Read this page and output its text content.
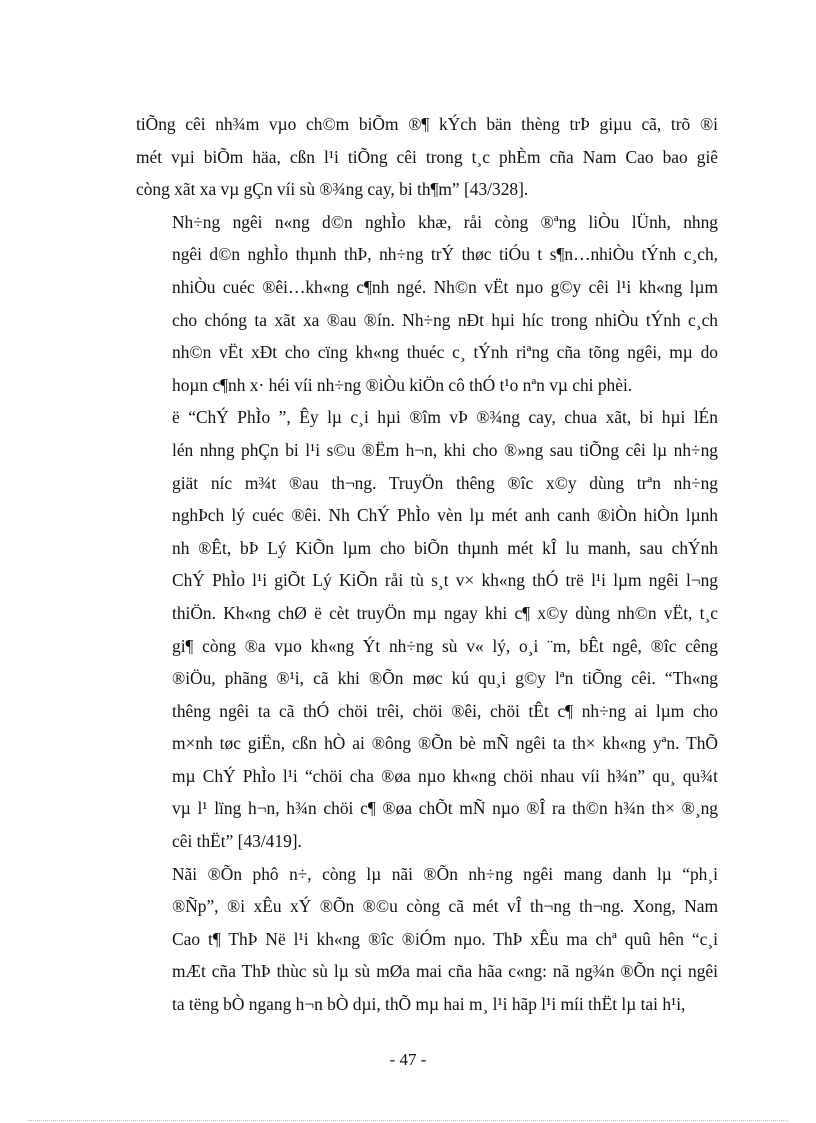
tiÕng cêi nh¾m vµo ch©m biÕm ®¶ kÝch bän thèng trÞ giµu cã, trõ ®i
mét vµi biÕm häa, cßn l¹i tiÕng cêi trong t¸c phÈm cña Nam Cao bao giê
còng xãt xa vµ gÇn víi sù ®¾ng cay, bi th¶m” [43/328].

Nh÷ng ngêi n«ng d©n nghÌo khæ, råi còng ®ªng liÒu lÜnh, nhng
ngêi d©n nghÌo thµnh thÞ, nh÷ng trÝ thøc tiÓu t s¶n…nhiÒu tÝnh c¸ch,
nhiÒu cuéc ®êi…kh«ng c¶nh ngé. Nh©n vËt nµo g©y cêi l¹i kh«ng lµm
cho chóng ta xãt xa ®au ®ín. Nh÷ng nÐt hµi híc trong nhiÒu tÝnh c¸ch
nh©n vËt xÐt cho cïng kh«ng thuéc c¸ tÝnh riªng cña tõng ngêi, mµ do
hoµn c¶nh x· héi víi nh÷ng ®iÒu kiÖn cô thÓ t¹o nªn vµ chi phèi.

ë “ChÝ PhÌo ”, Êy lµ c¸i hµi ®îm vÞ ®¾ng cay, chua xãt, bi hµi lÉn
lén nhng phÇn bi l¹i s©u ®Ëm h¬n, khi cho ®»ng sau tiÕng cêi lµ nh÷ng
giät níc m¾t ®au th¬ng. TruyÖn thêng ®îc x©y dùng trªn nh÷ng
nghÞch lý cuéc ®êi. Nh ChÝ PhÌo vèn lµ mét anh canh ®iÒn hiÒn lµnh
nh ®Êt, bÞ Lý KiÕn lµm cho biÕn thµnh mét kÎ lu manh, sau chÝnh
ChÝ PhÌo l¹i giÕt Lý KiÕn råi tù s¸t v× kh«ng thÓ trë l¹i lµm ngêi l¬ng
thiÖn. Kh«ng chØ ë cèt truyÖn mµ ngay khi c¶ x©y dùng nh©n vËt, t¸c
gi¶ còng ®a vµo kh«ng Ýt nh÷ng sù v« lý, o¸i ¨m, bÊt ngê, ®îc cêng
®iÖu, phãng ®¹i, cã khi ®Õn møc kú qu¸i g©y lªn tiÕng cêi. “Th«ng
thêng ngêi ta cã thÓ chöi trêi, chöi ®êi, chöi tÊt c¶ nh÷ng ai lµm cho
m×nh tøc giËn, cßn hÒ ai ®ông ®Õn bè mÑ ngêi ta th× kh«ng yªn. ThÕ
mµ ChÝ PhÌo l¹i “chöi cha ®øa nµo kh«ng chöi nhau víi h¾n” qu¸ qu¾t
vµ l¹ lïng h¬n, h¾n chöi c¶ ®øa chÕt mÑ nµo ®Î ra th©n h¾n th× ®¸ng
cêi thËt” [43/419].

Nãi ®Õn phô n÷, còng lµ nãi ®Õn nh÷ng ngêi mang danh lµ “ph¸i
®Ñp”, ®i xÊu xÝ ®Õn ®©u còng cã mét vÎ th¬ng th¬ng. Xong, Nam
Cao t¶ ThÞ Në l¹i kh«ng ®îc ®iÓm nµo. ThÞ xÊu ma chª quû hên “c¸i
mÆt cña ThÞ thùc sù lµ sù mØa mai cña hãa c«ng: nã ng¾n ®Õn nçi ngêi
ta tëng bÒ ngang h¬n bÒ dµi, thÕ mµ hai m¸ l¹i hãp l¹i míi thËt lµ tai h¹i,

- 47 -
